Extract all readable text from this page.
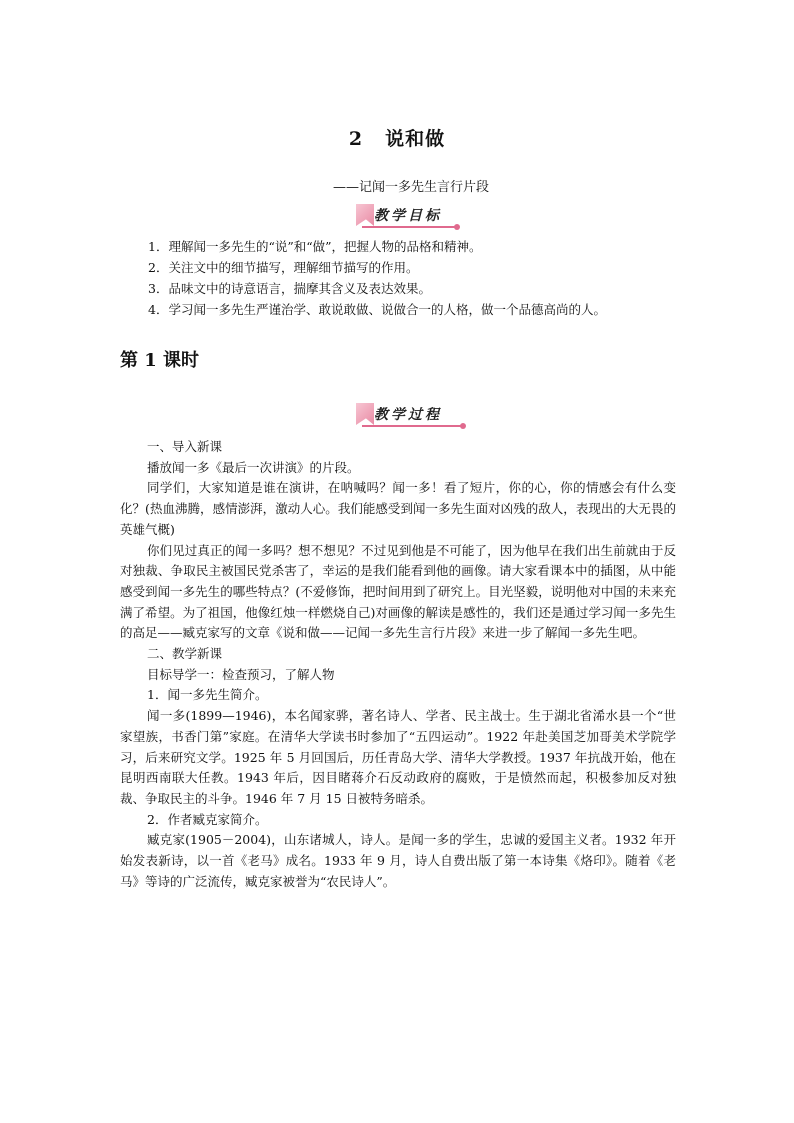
2 说和做
——记闻一多先生言行片段
教学目标
1．理解闻一多先生的“说”和“做”，把握人物的品格和精神。
2．关注文中的细节描写，理解细节描写的作用。
3．品味文中的诗意语言，揣摩其含义及表达效果。
4．学习闻一多先生严谨治学、敢说敢做、说做合一的人格，做一个品德高尚的人。
第 1 课时
教学过程

一、导入新课

播放闻一多《最后一次讲演》的片段。

同学们，大家知道是谁在演讲，在呐喊吗？闻一多！看了短片，你的心，你的情感会有什么变化？(热血沸腾，感情澎湃，激动人心。我们能感受到闻一多先生面对凶残的敌人，表现出的大无畏的英雄气概)

你们见过真正的闻一多吗？想不想见？不过见到他是不可能了，因为他早在我们出生前就由于反对独裁、争取民主被国民党杀害了，幸运的是我们能看到他的画像。请大家看课本中的插图，从中能感受到闻一多先生的哪些特点？(不爱修饰，把时间用到了研究上。目光坚毅，说明他对中国的未来充满了希望。为了祖国，他像红烛一样燃烧自己)对画像的解读是感性的，我们还是通过学习闻一多先生的高足——臧克家写的文章《说和做——记闻一多先生言行片段》来进一步了解闻一多先生吧。

二、教学新课

目标导学一：检查预习，了解人物

1．闻一多先生简介。

闻一多(1899—1946)，本名闻家骅，著名诗人、学者、民主战士。生于湖北省浠水县一个“世家望族，书香门第”家庭。在清华大学读书时参加了“五四运动”。1922 年赴美国芝加哥美术学院学习，后来研究文学。1925 年 5 月回国后，历任青岛大学、清华大学教授。1937 年抗战开始，他在昆明西南联大任教。1943 年后，因目睹蒋介石反动政府的腐败，于是愤然而起，积极参加反对独裁、争取民主的斗争。1946 年 7 月 15 日被特务暗杀。

2．作者臧克家简介。

臧克家(1905－2004)，山东诸城人，诗人。是闻一多的学生，忠诚的爱国主义者。1932 年开始发表新诗，以一首《老马》成名。1933 年 9 月，诗人自费出版了第一本诗集《烙印》。随着《老马》等诗的广泛流传，臧克家被誉为“农民诗人”。
